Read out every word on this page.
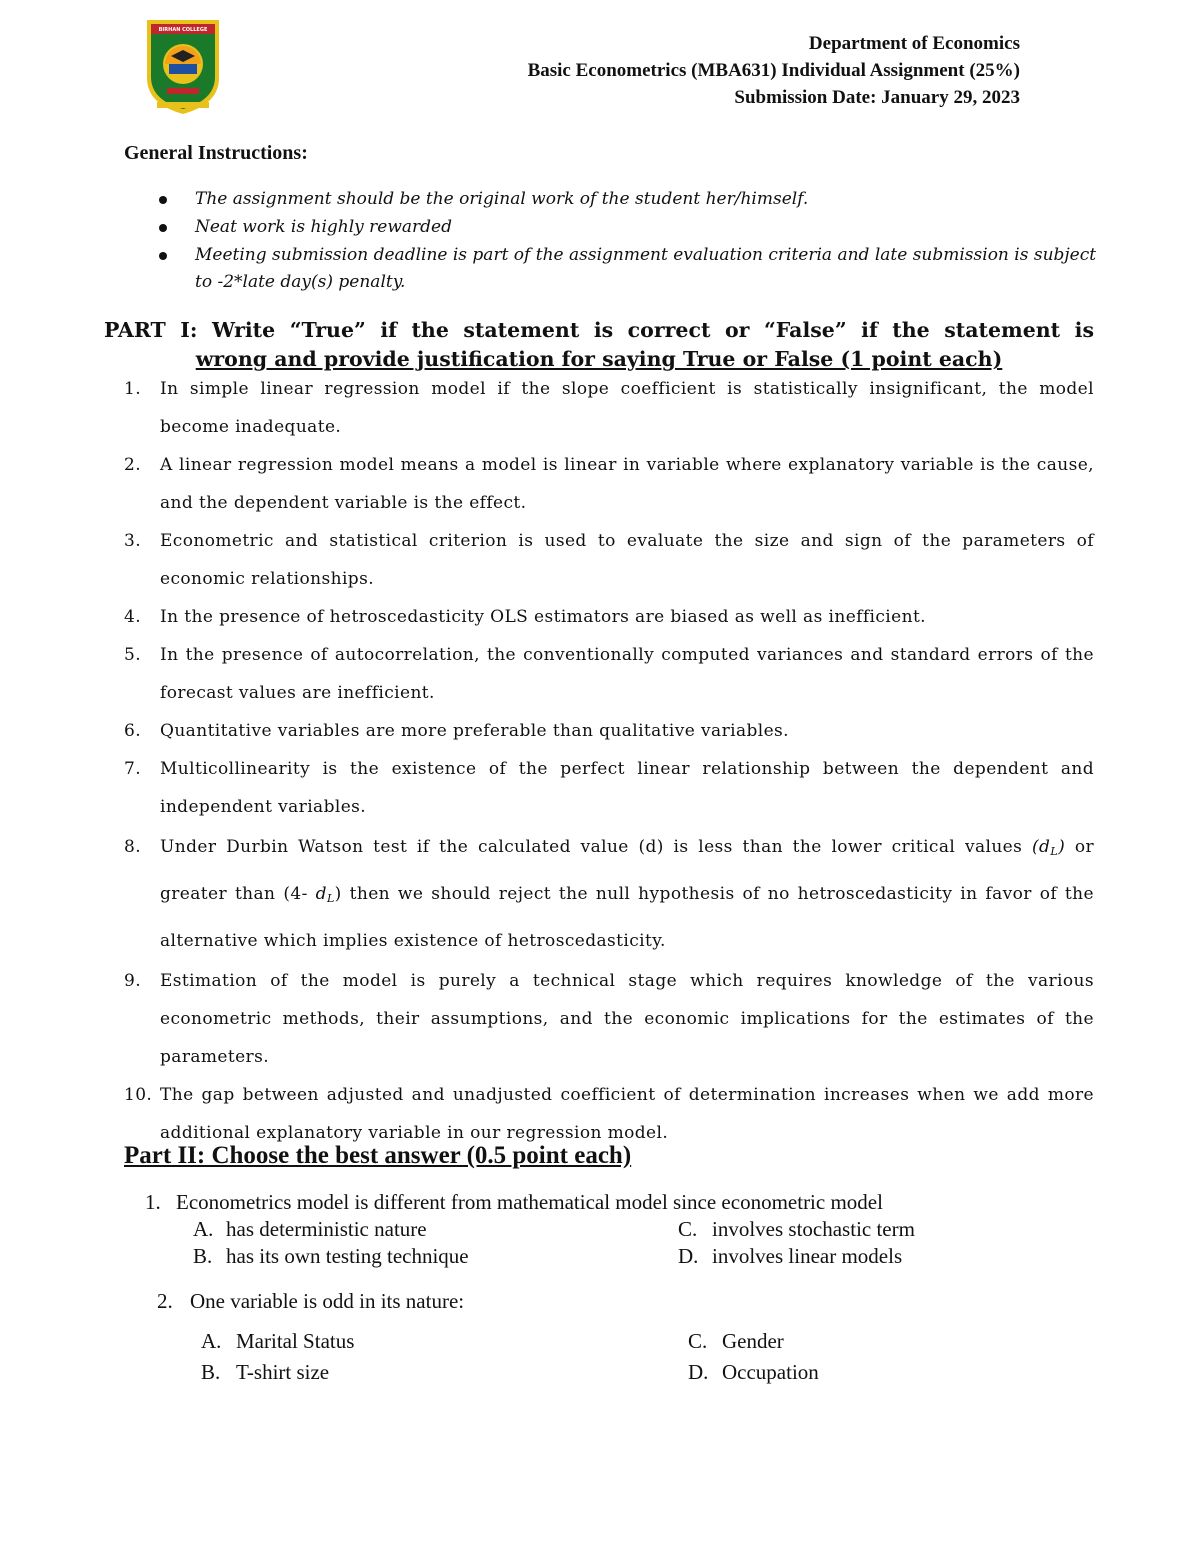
BIRHAN COLLEGE
Department of Economics
Basic Econometrics (MBA631) Individual Assignment (25%)
Submission Date: January 29, 2023
General Instructions:
The assignment should be the original work of the student her/himself.
Neat work is highly rewarded
Meeting submission deadline is part of the assignment evaluation criteria and late submission is subject to -2*late day(s) penalty.
PART I: Write “True” if the statement is correct or “False” if the statement is
wrong and provide justification for saying True or False (1 point each)
1. In simple linear regression model if the slope coefficient is statistically insignificant, the model become inadequate.
2. A linear regression model means a model is linear in variable where explanatory variable is the cause, and the dependent variable is the effect.
3. Econometric and statistical criterion is used to evaluate the size and sign of the parameters of economic relationships.
4. In the presence of hetroscedasticity OLS estimators are biased as well as inefficient.
5. In the presence of autocorrelation, the conventionally computed variances and standard errors of the forecast values are inefficient.
6. Quantitative variables are more preferable than qualitative variables.
7. Multicollinearity is the existence of the perfect linear relationship between the dependent and independent variables.
8. Under Durbin Watson test if the calculated value (d) is less than the lower critical values $(d_L)$ or greater than (4- $d_L$) then we should reject the null hypothesis of no hetroscedasticity in favor of the alternative which implies existence of hetroscedasticity.
9. Estimation of the model is purely a technical stage which requires knowledge of the various econometric methods, their assumptions, and the economic implications for the estimates of the parameters.
10. The gap between adjusted and unadjusted coefficient of determination increases when we add more additional explanatory variable in our regression model.
Part II: Choose the best answer (0.5 point each)
1. Econometrics model is different from mathematical model since econometric model
A. has deterministic nature
B. has its own testing technique
C. involves stochastic term
D. involves linear models
2. One variable is odd in its nature:
A. Marital Status
B. T-shirt size
C. Gender
D. Occupation
